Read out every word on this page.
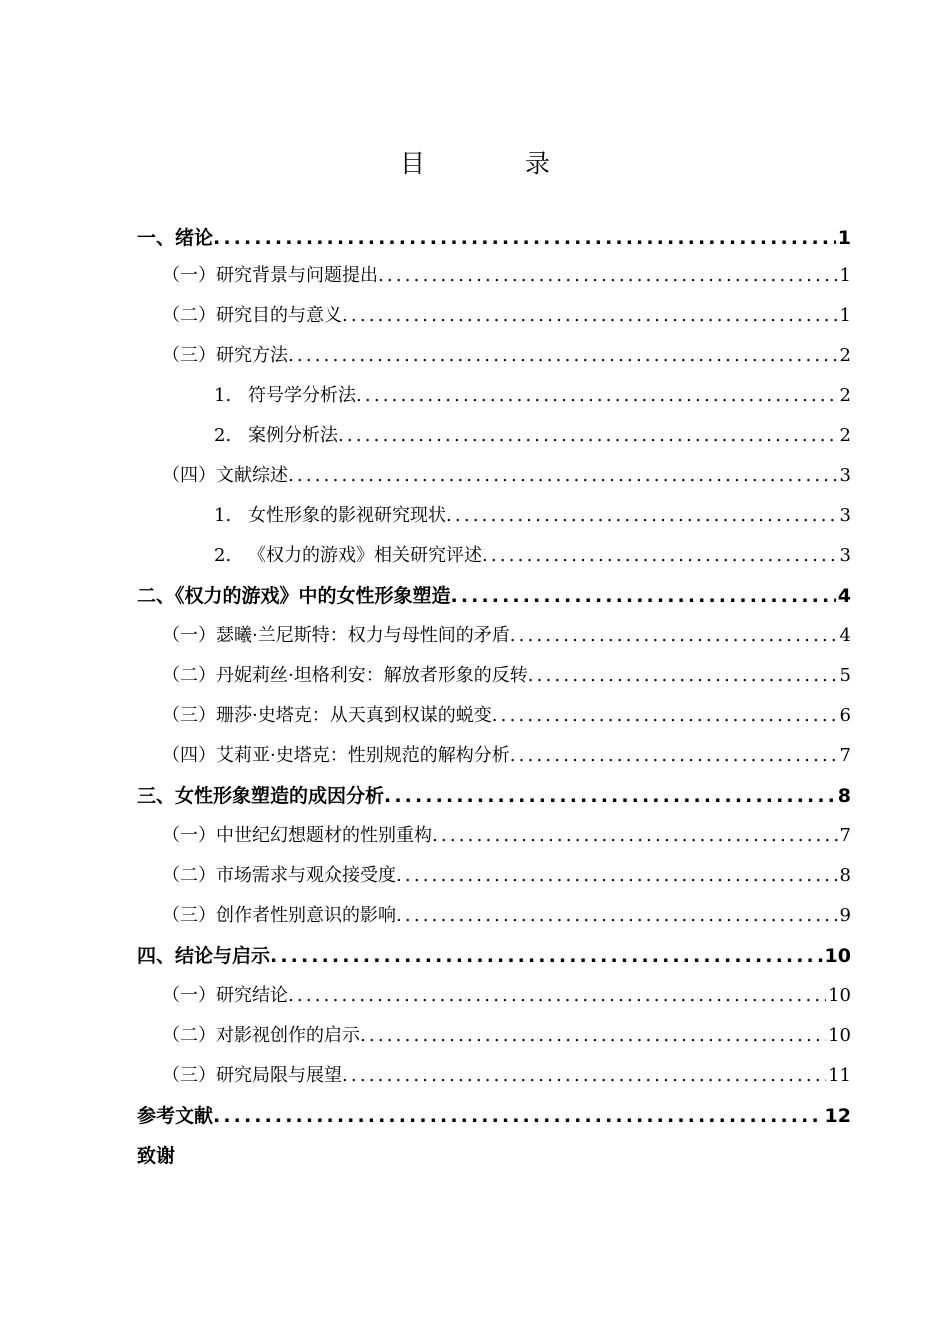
目	录
一、绪论 .....	1
（一）研究背景与问题提出 .....	1
（二）研究目的与意义 .....	1
（三）研究方法 .....	2
1. 符号学分析法 .....	2
2. 案例分析法 .....	2
（四）文献综述 .....	3
1. 女性形象的影视研究现状 .....	3
2. 《权力的游戏》相关研究评述 .....	3
二、《权力的游戏》中的女性形象塑造 .....	4
（一）瑟曦·兰尼斯特：权力与母性间的矛盾 .....	4
（二）丹妮莉丝·坦格利安：解放者形象的反转 .....	5
（三）珊莎·史塔克：从天真到权谋的蜕变 .....	6
（四）艾莉亚·史塔克：性别规范的解构分析 .....	7
三、女性形象塑造的成因分析 .....	8
（一）中世纪幻想题材的性别重构 .....	7
（二）市场需求与观众接受度 .....	8
（三）创作者性别意识的影响 .....	9
四、结论与启示 .....	10
（一）研究结论 .....	10
（二）对影视创作的启示 .....	10
（三）研究局限与展望 .....	11
参考文献 .....	12
致谢
